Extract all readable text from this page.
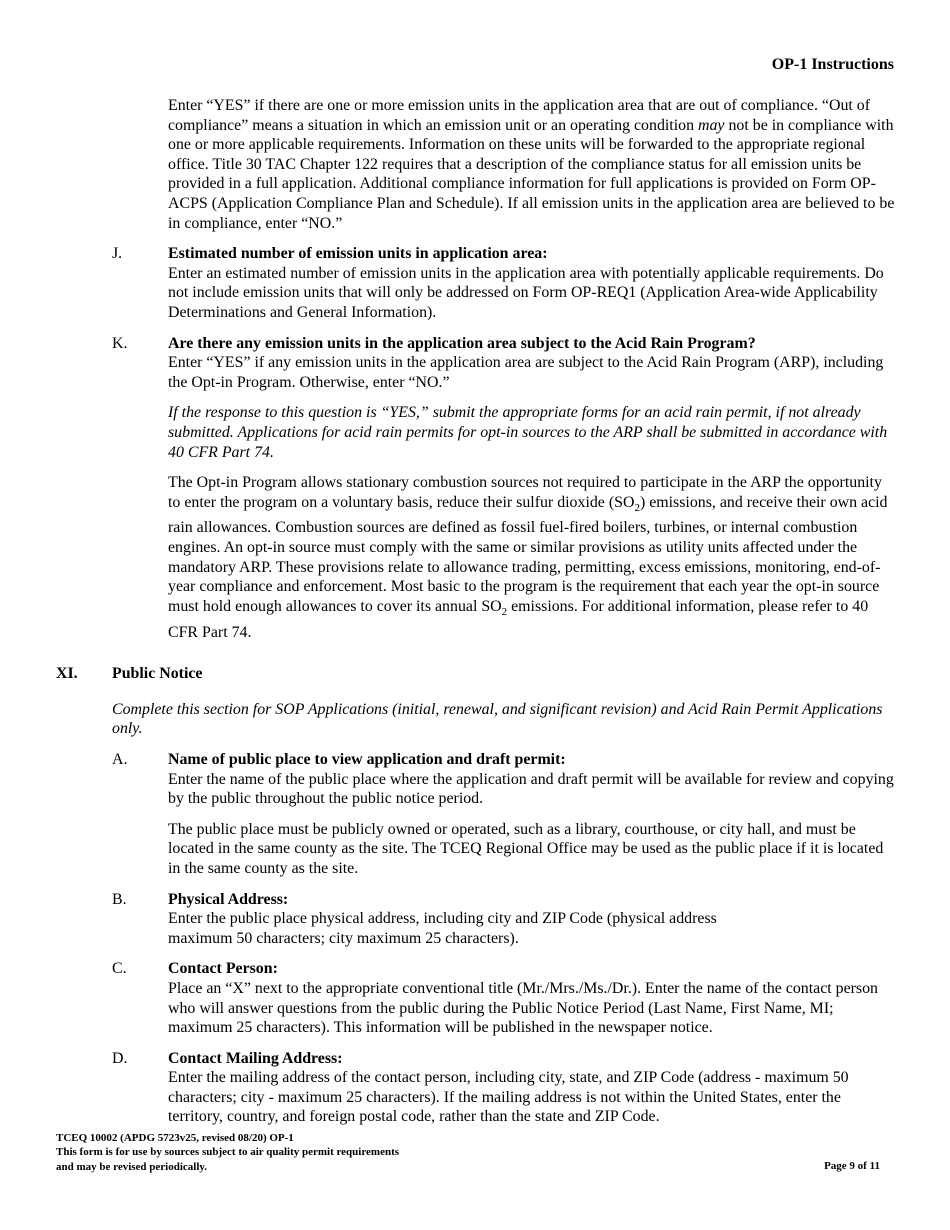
OP-1 Instructions

Enter “YES” if there are one or more emission units in the application area that are out of compliance. “Out of compliance” means a situation in which an emission unit or an operating condition may not be in compliance with one or more applicable requirements. Information on these units will be forwarded to the appropriate regional office. Title 30 TAC Chapter 122 requires that a description of the compliance status for all emission units be provided in a full application. Additional compliance information for full applications is provided on Form OP-ACPS (Application Compliance Plan and Schedule). If all emission units in the application area are believed to be in compliance, enter “NO.”

J.	Estimated number of emission units in application area:
Enter an estimated number of emission units in the application area with potentially applicable requirements. Do not include emission units that will only be addressed on Form OP-REQ1 (Application Area-wide Applicability Determinations and General Information).

K.	Are there any emission units in the application area subject to the Acid Rain Program?
Enter “YES” if any emission units in the application area are subject to the Acid Rain Program (ARP), including the Opt-in Program. Otherwise, enter “NO.”

If the response to this question is “YES,” submit the appropriate forms for an acid rain permit, if not already submitted. Applications for acid rain permits for opt-in sources to the ARP shall be submitted in accordance with 40 CFR Part 74.

The Opt-in Program allows stationary combustion sources not required to participate in the ARP the opportunity to enter the program on a voluntary basis, reduce their sulfur dioxide $(SO_2)$ emissions, and receive their own acid rain allowances. Combustion sources are defined as fossil fuel-fired boilers, turbines, or internal combustion engines. An opt-in source must comply with the same or similar provisions as utility units affected under the mandatory ARP. These provisions relate to allowance trading, permitting, excess emissions, monitoring, end-of-year compliance and enforcement. Most basic to the program is the requirement that each year the opt-in source must hold enough allowances to cover its annual $SO_2$ emissions. For additional information, please refer to 40 CFR Part 74.

XI.	Public Notice

Complete this section for SOP Applications (initial, renewal, and significant revision) and Acid Rain Permit Applications only.

A.	Name of public place to view application and draft permit:
Enter the name of the public place where the application and draft permit will be available for review and copying by the public throughout the public notice period.

The public place must be publicly owned or operated, such as a library, courthouse, or city hall, and must be located in the same county as the site. The TCEQ Regional Office may be used as the public place if it is located in the same county as the site.

B.	Physical Address:
Enter the public place physical address, including city and ZIP Code (physical address
maximum 50 characters; city maximum 25 characters).

C.	Contact Person:
Place an “X” next to the appropriate conventional title (Mr./Mrs./Ms./Dr.). Enter the name of the contact person who will answer questions from the public during the Public Notice Period (Last Name, First Name, MI; maximum 25 characters). This information will be published in the newspaper notice.

D.	Contact Mailing Address:
Enter the mailing address of the contact person, including city, state, and ZIP Code (address - maximum 50 characters; city - maximum 25 characters). If the mailing address is not within the United States, enter the territory, country, and foreign postal code, rather than the state and ZIP Code.

TCEQ 10002 (APDG 5723v25, revised 08/20) OP-1
This form is for use by sources subject to air quality permit requirements
and may be revised periodically.	Page 9 of 11
